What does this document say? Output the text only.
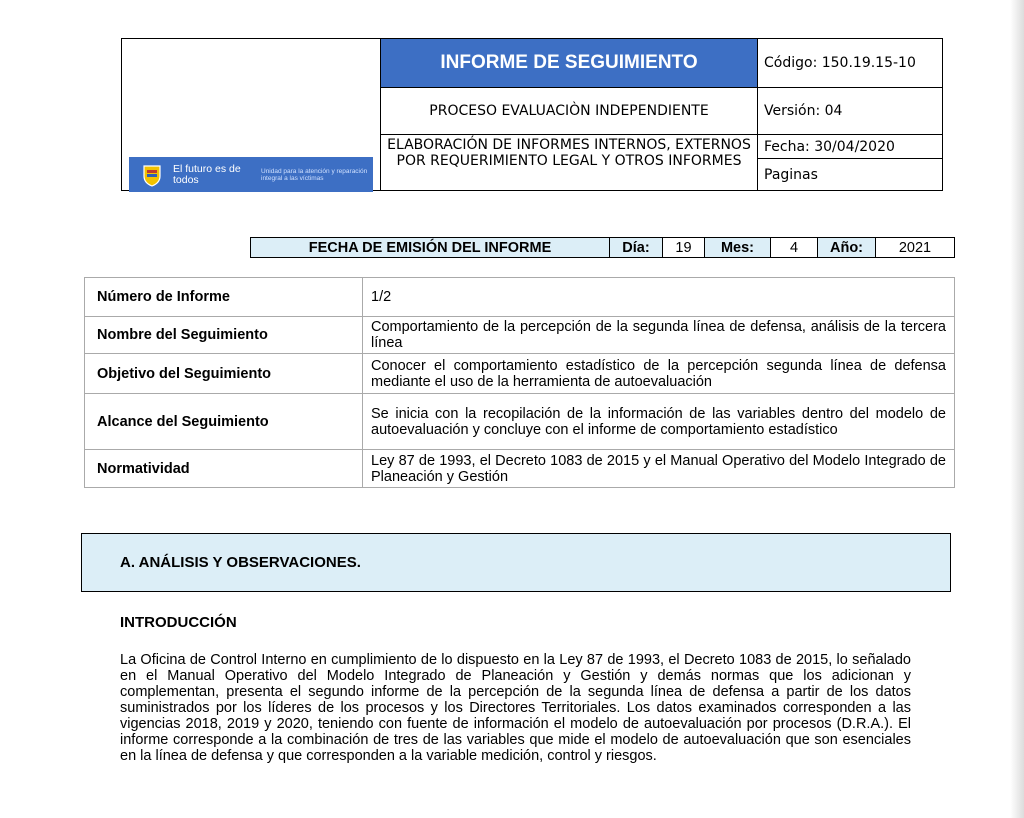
El futuro es de todos
Unidad para la atención y reparación integral a las víctimas
INFORME DE SEGUIMIENTO
PROCESO EVALUACIÒN INDEPENDIENTE
ELABORACIÓN DE INFORMES INTERNOS, EXTERNOS POR REQUERIMIENTO LEGAL Y OTROS INFORMES
Código: 150.19.15-10
Versión: 04
Fecha: 30/04/2020
Paginas
FECHA DE EMISIÓN DEL INFORME	Día:	19	Mes:	4	Año:	2021
Número de Informe	1/2
Nombre del Seguimiento	Comportamiento de la percepción de la segunda línea de defensa, análisis de la tercera línea
Objetivo del Seguimiento	Conocer el comportamiento estadístico de la percepción segunda línea de defensa mediante el uso de la herramienta de autoevaluación
Alcance del Seguimiento	Se inicia con la recopilación de la información de las variables dentro del modelo de autoevaluación y concluye con el informe de comportamiento estadístico
Normatividad	Ley 87 de 1993, el Decreto 1083 de 2015 y el Manual Operativo del Modelo Integrado de Planeación y Gestión
A. ANÁLISIS Y OBSERVACIONES.
INTRODUCCIÓN
La Oficina de Control Interno en cumplimiento de lo dispuesto en la Ley 87 de 1993, el Decreto 1083 de 2015, lo señalado en el Manual Operativo del Modelo Integrado de Planeación y Gestión y demás normas que los adicionan y complementan, presenta el segundo informe de la percepción de la segunda línea de defensa a partir de los datos suministrados por los líderes de los procesos y los Directores Territoriales. Los datos examinados corresponden a las vigencias 2018, 2019 y 2020, teniendo con fuente de información el modelo de autoevaluación por procesos (D.R.A.). El informe corresponde a la combinación de tres de las variables que mide el modelo de autoevaluación que son esenciales en la línea de defensa y que corresponden a la variable medición, control y riesgos.
